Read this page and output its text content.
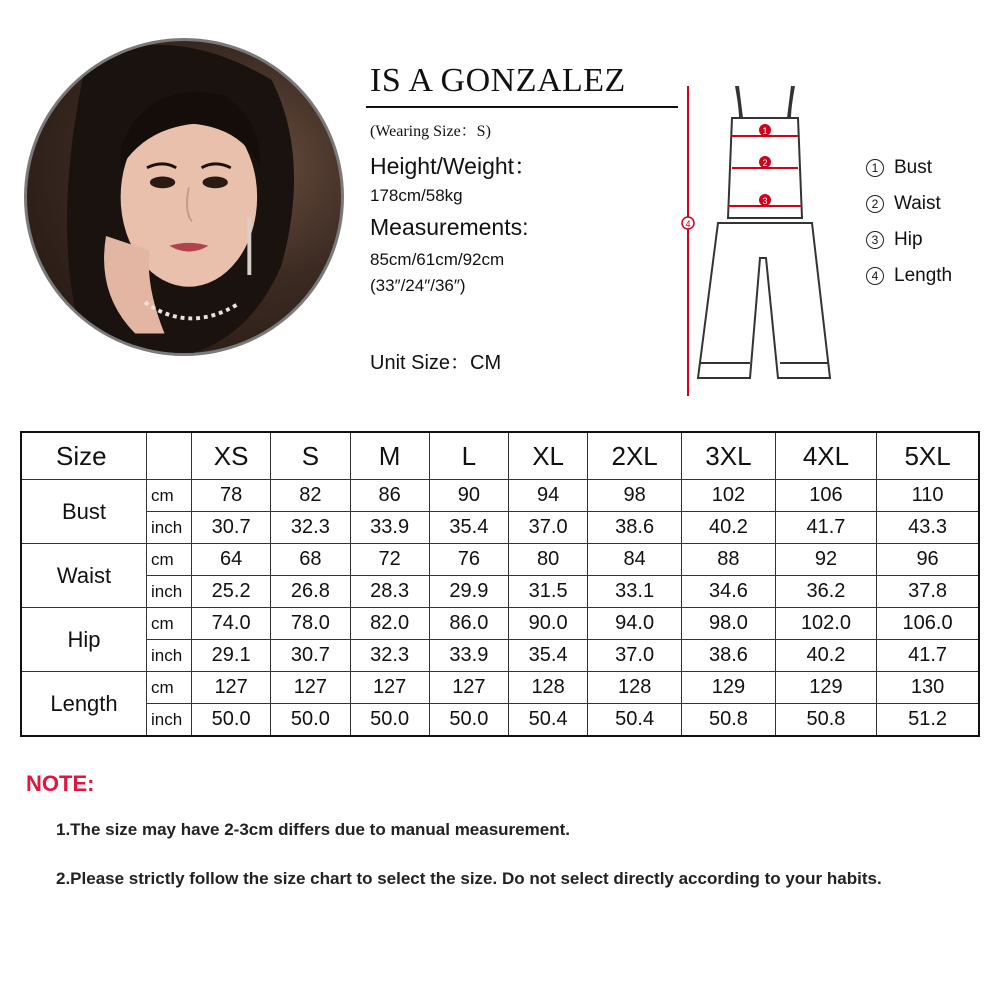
IS A GONZALEZ
(Wearing Size：S)
Height/Weight：
178cm/58kg
Measurements:
85cm/61cm/92cm
(33″/24″/36″)
Unit Size：CM
1
2
3
4
1 Bust
2 Waist
3 Hip
4 Length
Size		XS	S	M	L	XL	2XL	3XL	4XL	5XL
Bust	cm	78	82	86	90	94	98	102	106	110
	inch	30.7	32.3	33.9	35.4	37.0	38.6	40.2	41.7	43.3
Waist	cm	64	68	72	76	80	84	88	92	96
	inch	25.2	26.8	28.3	29.9	31.5	33.1	34.6	36.2	37.8
Hip	cm	74.0	78.0	82.0	86.0	90.0	94.0	98.0	102.0	106.0
	inch	29.1	30.7	32.3	33.9	35.4	37.0	38.6	40.2	41.7
Length	cm	127	127	127	127	128	128	129	129	130
	inch	50.0	50.0	50.0	50.0	50.4	50.4	50.8	50.8	51.2
NOTE:
1.The size may have 2-3cm differs due to manual measurement.
2.Please strictly follow the size chart to select the size. Do not select directly according to your habits.
